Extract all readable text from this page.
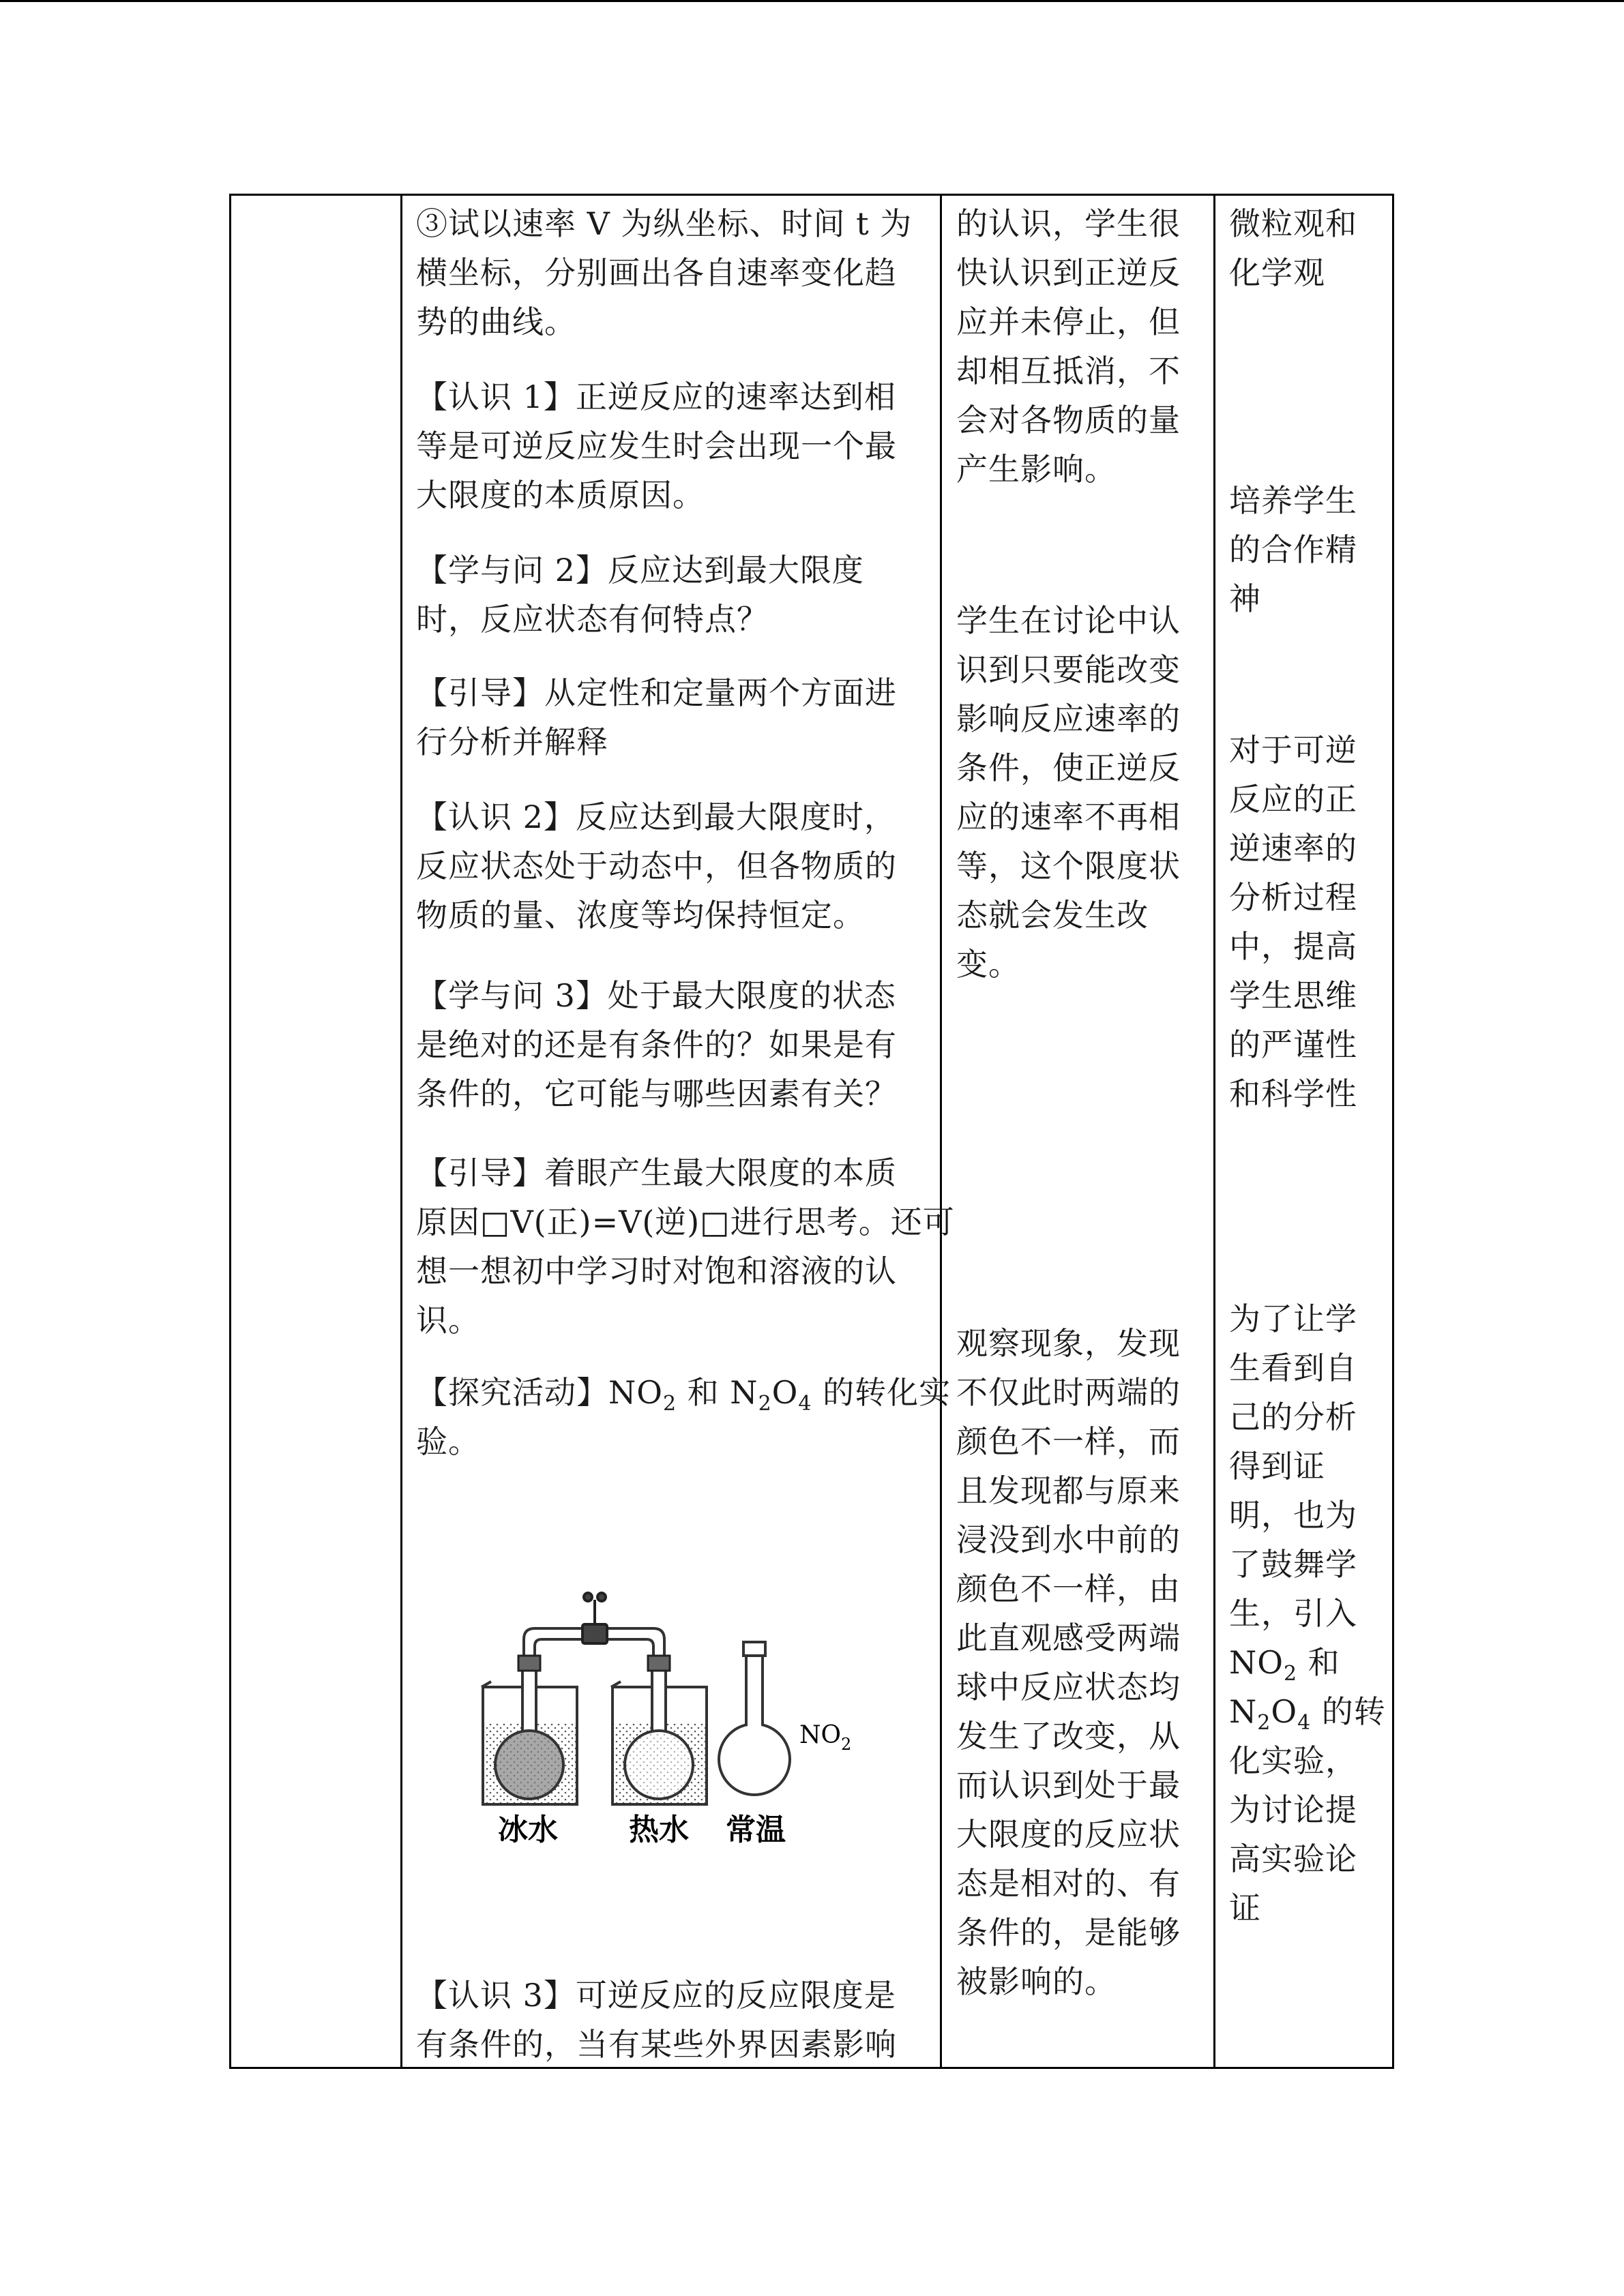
③试以速率 V 为纵坐标、时间 t 为
横坐标，分别画出各自速率变化趋
势的曲线。
【认识 1】正逆反应的速率达到相
等是可逆反应发生时会出现一个最
大限度的本质原因。
【学与问 2】反应达到最大限度
时，反应状态有何特点？
【引导】从定性和定量两个方面进
行分析并解释
【认识 2】反应达到最大限度时，
反应状态处于动态中，但各物质的
物质的量、浓度等均保持恒定。
【学与问 3】处于最大限度的状态
是绝对的还是有条件的？如果是有
条件的，它可能与哪些因素有关？
【引导】着眼产生最大限度的本质
原因□V(正)=V(逆)□进行思考。还可
想一想初中学习时对饱和溶液的认
识。
【探究活动】$NO_2$ 和 $N_2O_4$ 的转化实
验。
【认识 3】可逆反应的反应限度是
有条件的，当有某些外界因素影响
冰水 热水 常温
$NO_2$
的认识，学生很
快认识到正逆反
应并未停止，但
却相互抵消，不
会对各物质的量
产生影响。
学生在讨论中认
识到只要能改变
影响反应速率的
条件，使正逆反
应的速率不再相
等，这个限度状
态就会发生改
变。
观察现象，发现
不仅此时两端的
颜色不一样，而
且发现都与原来
浸没到水中前的
颜色不一样，由
此直观感受两端
球中反应状态均
发生了改变，从
而认识到处于最
大限度的反应状
态是相对的、有
条件的，是能够
被影响的。
微粒观和
化学观
培养学生
的合作精
神
对于可逆
反应的正
逆速率的
分析过程
中，提高
学生思维
的严谨性
和科学性
为了让学
生看到自
己的分析
得到证
明，也为
了鼓舞学
生，引入
$NO_2$ 和
$N_2O_4$ 的转
化实验，
为讨论提
高实验论
证
